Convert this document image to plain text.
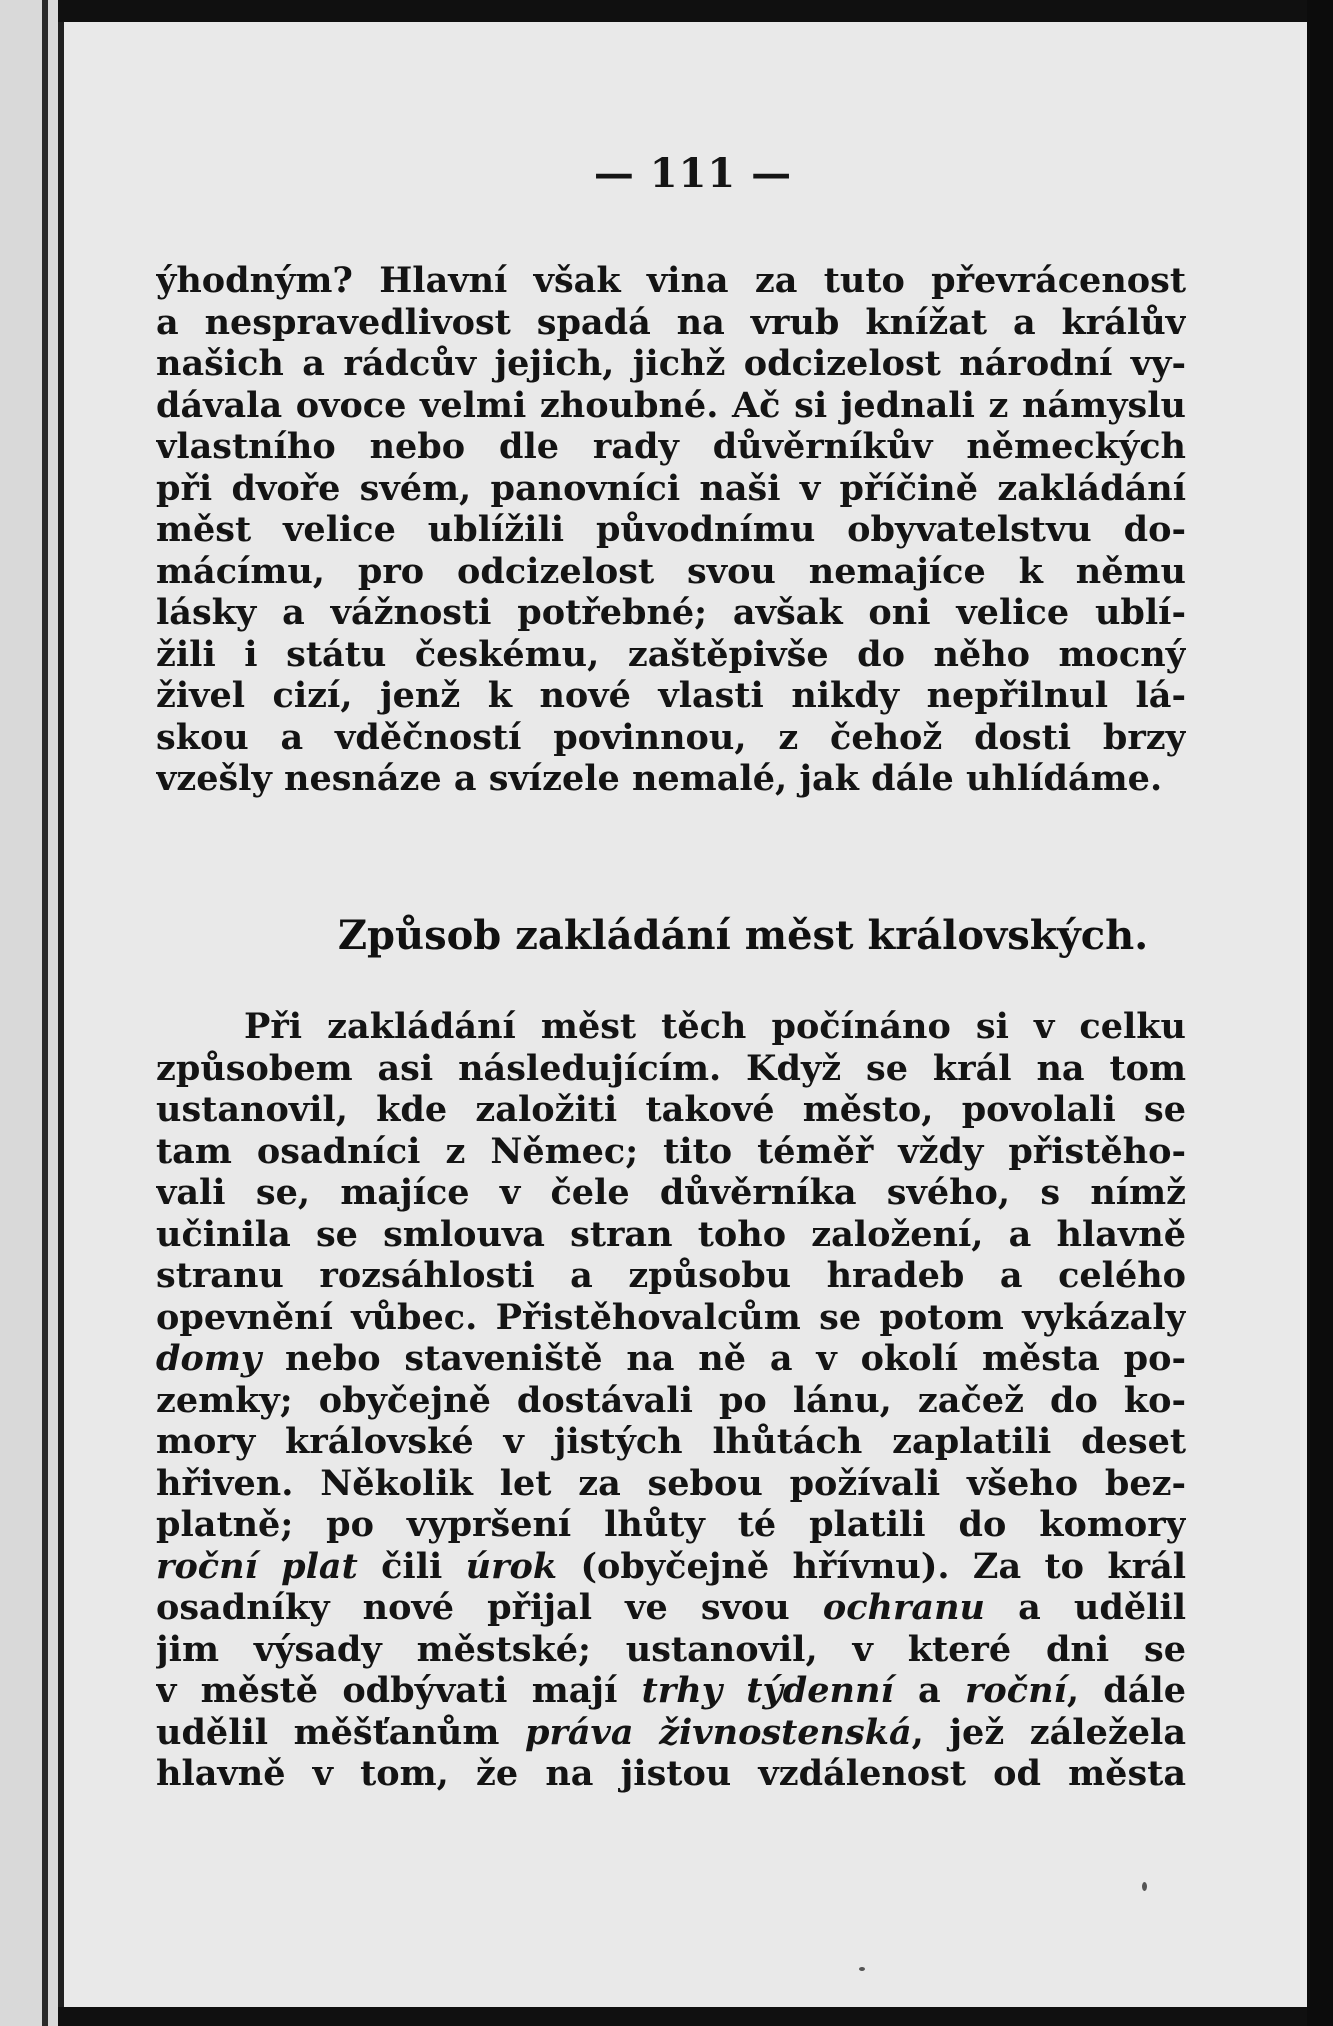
— 111 —
ýhodným? Hlavní však vina za tuto převrácenost
a nespravedlivost spadá na vrub knížat a králův
našich a rádcův jejich, jichž odcizelost národní vy-
dávala ovoce velmi zhoubné. Ač si jednali z námyslu
vlastního nebo dle rady důvěrníkův německých
při dvoře svém, panovníci naši v příčině zakládání
měst velice ublížili původnímu obyvatelstvu do-
mácímu, pro odcizelost svou nemajíce k němu
lásky a vážnosti potřebné; avšak oni velice ublí-
žili i státu českému, zaštěpivše do něho mocný
živel cizí, jenž k nové vlasti nikdy nepřilnul lá-
skou a vděčností povinnou, z čehož dosti brzy
vzešly nesnáze a svízele nemalé, jak dále uhlídáme.
Způsob zakládání měst královských.
Při zakládání měst těch počínáno si v celku
způsobem asi následujícím. Když se král na tom
ustanovil, kde založiti takové město, povolali se
tam osadníci z Němec; tito téměř vždy přistěho-
vali se, majíce v čele důvěrníka svého, s nímž
učinila se smlouva stran toho založení, a hlavně
stranu rozsáhlosti a způsobu hradeb a celého
opevnění vůbec. Přistěhovalcům se potom vykázaly
domy nebo staveniště na ně a v okolí města po-
zemky; obyčejně dostávali po lánu, začež do ko-
mory královské v jistých lhůtách zaplatili deset
hřiven. Několik let za sebou požívali všeho bez-
platně; po vypršení lhůty té platili do komory
roční plat čili úrok (obyčejně hřívnu). Za to král
osadníky nové přijal ve svou ochranu a udělil
jim výsady městské; ustanovil, v které dni se
v městě odbývati mají trhy týdenní a roční, dále
udělil měšťanům práva živnostenská, jež záležela
hlavně v tom, že na jistou vzdálenost od města
